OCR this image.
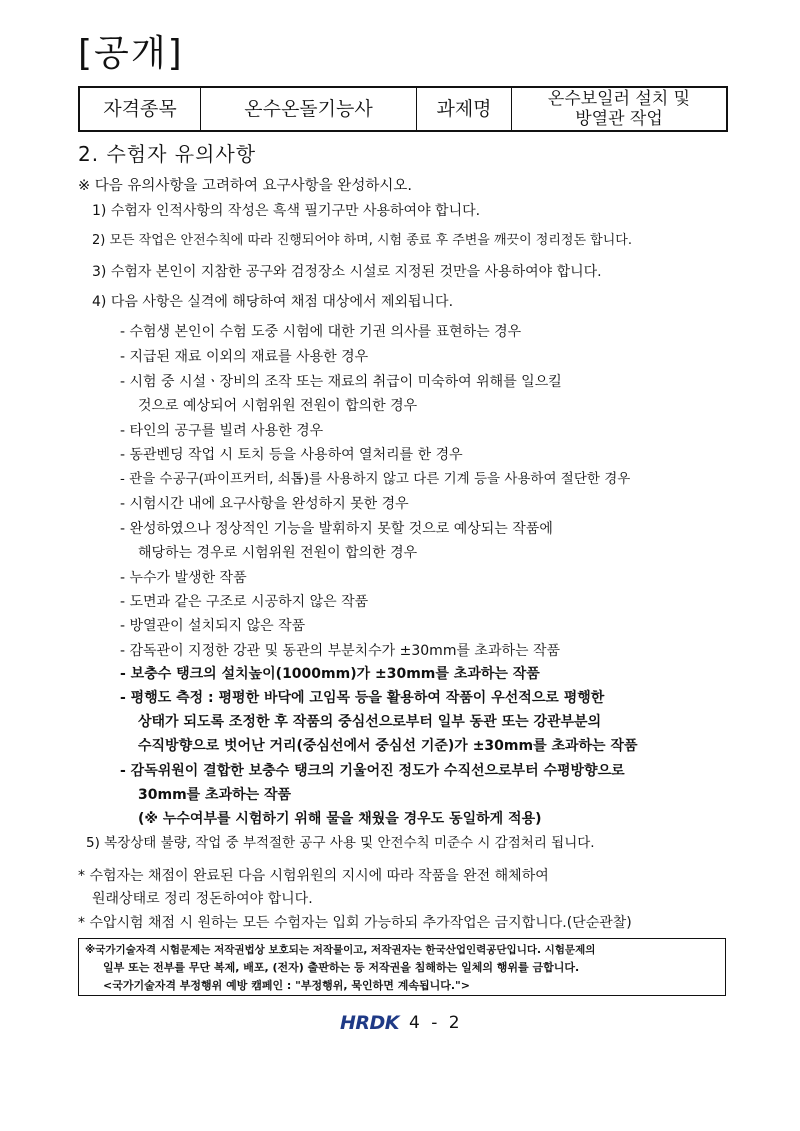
[공개]
자격종목	온수온돌기능사	과제명	온수보일러 설치 및
방열관 작업
2. 수험자 유의사항
※ 다음 유의사항을 고려하여 요구사항을 완성하시오.
1) 수험자 인적사항의 작성은 흑색 필기구만 사용하여야 합니다.
2) 모든 작업은 안전수칙에 따라 진행되어야 하며, 시험 종료 후 주변을 깨끗이 정리정돈 합니다.
3) 수험자 본인이 지참한 공구와 검정장소 시설로 지정된 것만을 사용하여야 합니다.
4) 다음 사항은 실격에 해당하여 채점 대상에서 제외됩니다.
- 수험생 본인이 수험 도중 시험에 대한 기권 의사를 표현하는 경우
- 지급된 재료 이외의 재료를 사용한 경우
- 시험 중 시설ㆍ장비의 조작 또는 재료의 취급이 미숙하여 위해를 일으킬
것으로 예상되어 시험위원 전원이 합의한 경우
- 타인의 공구를 빌려 사용한 경우
- 동관벤딩 작업 시 토치 등을 사용하여 열처리를 한 경우
- 관을 수공구(파이프커터, 쇠톱)를 사용하지 않고 다른 기계 등을 사용하여 절단한 경우
- 시험시간 내에 요구사항을 완성하지 못한 경우
- 완성하였으나 정상적인 기능을 발휘하지 못할 것으로 예상되는 작품에
해당하는 경우로 시험위원 전원이 합의한 경우
- 누수가 발생한 작품
- 도면과 같은 구조로 시공하지 않은 작품
- 방열관이 설치되지 않은 작품
- 감독관이 지정한 강관 및 동관의 부분치수가 ±30mm를 초과하는 작품
- 보충수 탱크의 설치높이(1000mm)가 ±30mm를 초과하는 작품
- 평행도 측정 : 평평한 바닥에 고임목 등을 활용하여 작품이 우선적으로 평행한
상태가 되도록 조정한 후 작품의 중심선으로부터 일부 동관 또는 강관부분의
수직방향으로 벗어난 거리(중심선에서 중심선 기준)가 ±30mm를 초과하는 작품
- 감독위원이 결합한 보충수 탱크의 기울어진 정도가 수직선으로부터 수평방향으로
30mm를 초과하는 작품
(※ 누수여부를 시험하기 위해 물을 채웠을 경우도 동일하게 적용)
5) 복장상태 불량, 작업 중 부적절한 공구 사용 및 안전수칙 미준수 시 감점처리 됩니다.
* 수험자는 채점이 완료된 다음 시험위원의 지시에 따라 작품을 완전 해체하여
원래상태로 정리 정돈하여야 합니다.
* 수압시험 채점 시 원하는 모든 수험자는 입회 가능하되 추가작업은 금지합니다.(단순관찰)
※국가기술자격 시험문제는 저작권법상 보호되는 저작물이고, 저작권자는 한국산업인력공단입니다. 시험문제의
일부 또는 전부를 무단 복제, 배포, (전자) 출판하는 등 저작권을 침해하는 일체의 행위를 금합니다.
<국가기술자격 부정행위 예방 캠페인 : "부정행위, 묵인하면 계속됩니다.">
HRDK 4 - 2
